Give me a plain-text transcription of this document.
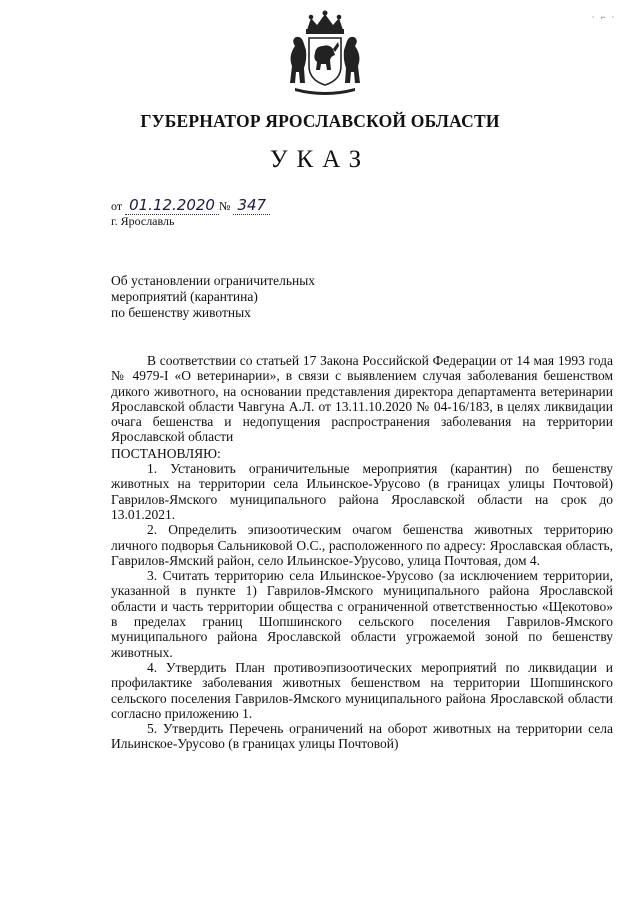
∙ ⌐ ∙
ГУБЕРНАТОР ЯРОСЛАВСКОЙ ОБЛАСТИ
УКАЗ
от 01.12.2020 № 347
г. Ярославль
Об установлении ограничительных
мероприятий (карантина)
по бешенству животных

В соответствии со статьей 17 Закона Российской Федерации от 14 мая 1993 года № 4979-I «О ветеринарии», в связи с выявлением случая заболевания бешенством дикого животного, на основании представления директора департамента ветеринарии Ярославской области Чавгуна А.Л. от 13.11.10.2020 № 04-16/183, в целях ликвидации очага бешенства и недопущения распространения заболевания на территории Ярославской области

ПОСТАНОВЛЯЮ:

1. Установить ограничительные мероприятия (карантин) по бешенству животных на территории села Ильинское-Урусово (в границах улицы Почтовой) Гаврилов-Ямского муниципального района Ярославской области на срок до 13.01.2021.

2. Определить эпизоотическим очагом бешенства животных территорию личного подворья Сальниковой О.С., расположенного по адресу: Ярославская область, Гаврилов-Ямский район, село Ильинское-Урусово, улица Почтовая, дом 4.

3. Считать территорию села Ильинское-Урусово (за исключением территории, указанной в пункте 1) Гаврилов-Ямского муниципального района Ярославской области и часть территории общества с ограниченной ответственностью «Щекотово» в пределах границ Шопшинского сельского поселения Гаврилов-Ямского муниципального района Ярославской области угрожаемой зоной по бешенству животных.

4. Утвердить План противоэпизоотических мероприятий по ликвидации и профилактике заболевания животных бешенством на территории Шопшинского сельского поселения Гаврилов-Ямского муниципального района Ярославской области согласно приложению 1.

5. Утвердить Перечень ограничений на оборот животных на территории села Ильинское-Урусово (в границах улицы Почтовой)
